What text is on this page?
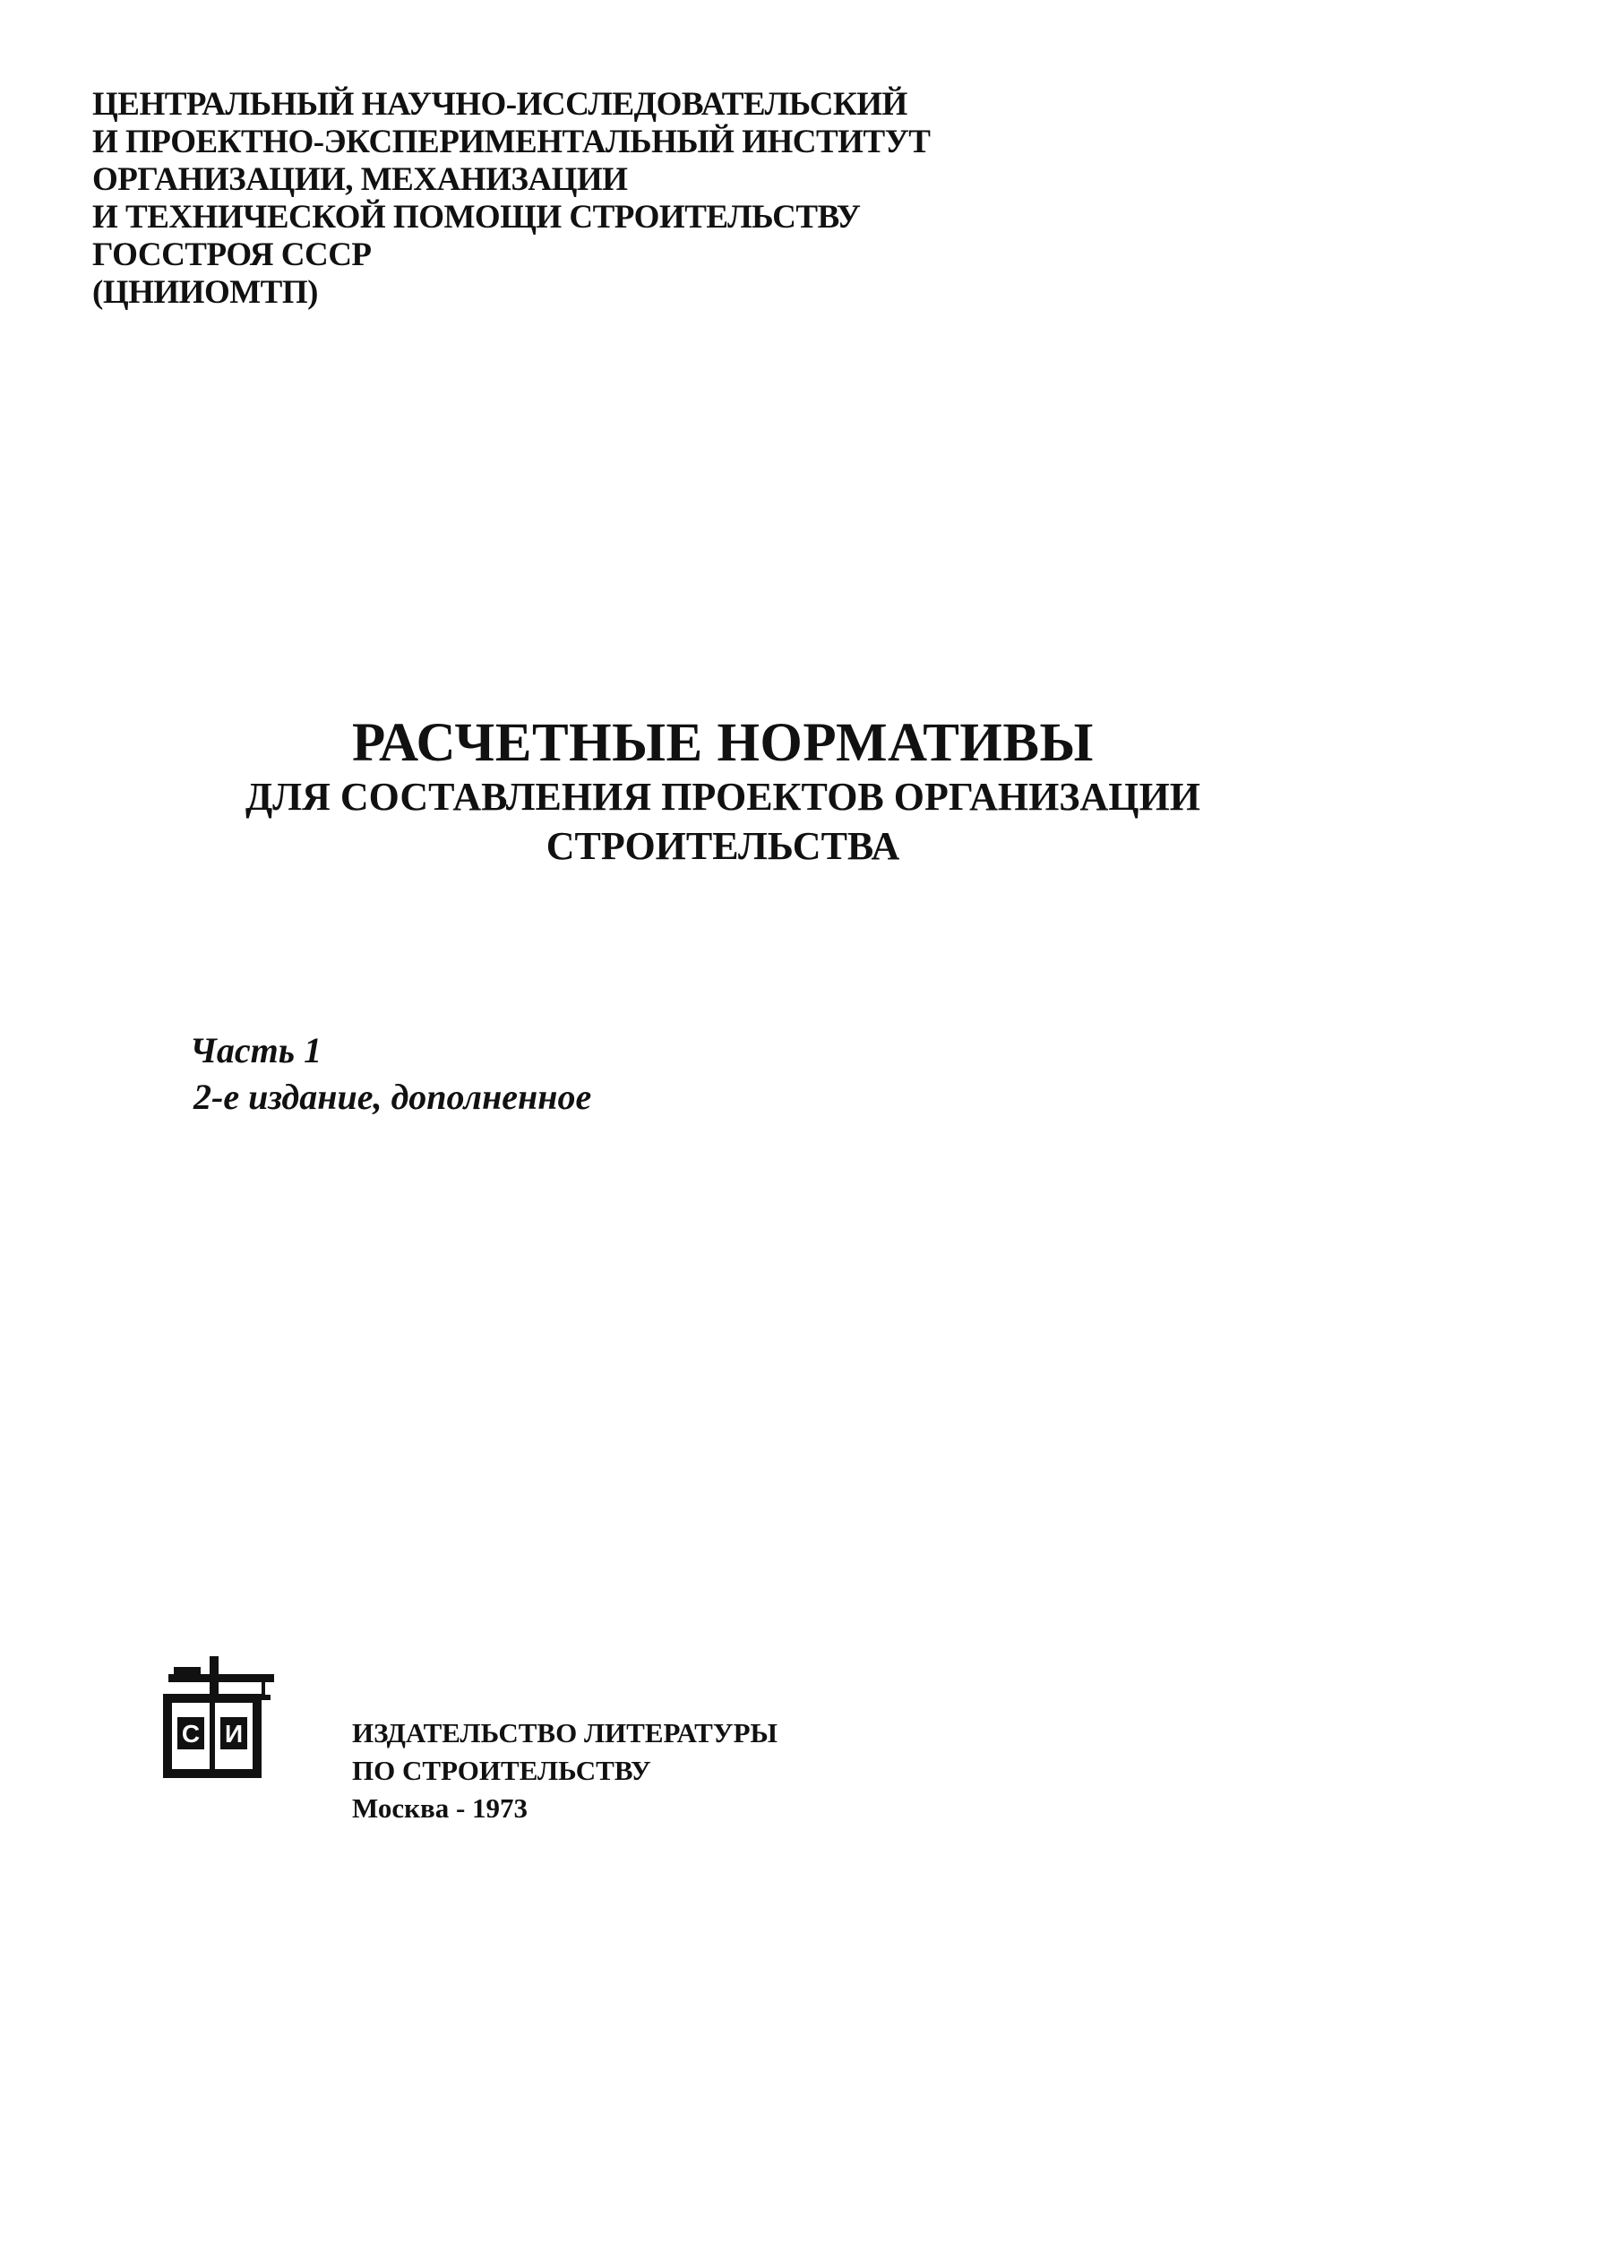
ЦЕНТРАЛЬНЫЙ НАУЧНО-ИССЛЕДОВАТЕЛЬСКИЙ
И ПРОЕКТНО-ЭКСПЕРИМЕНТАЛЬНЫЙ ИНСТИТУТ
ОРГАНИЗАЦИИ, МЕХАНИЗАЦИИ
И ТЕХНИЧЕСКОЙ ПОМОЩИ СТРОИТЕЛЬСТВУ
ГОССТРОЯ СССР
(ЦНИИОМТП)
РАСЧЕТНЫЕ НОРМАТИВЫ
ДЛЯ СОСТАВЛЕНИЯ ПРОЕКТОВ ОРГАНИЗАЦИИ
СТРОИТЕЛЬСТВА
Часть 1
2-е издание, дополненное
С И	ИЗДАТЕЛЬСТВО ЛИТЕРАТУРЫ
ПО СТРОИТЕЛЬСТВУ
Москва - 1973
